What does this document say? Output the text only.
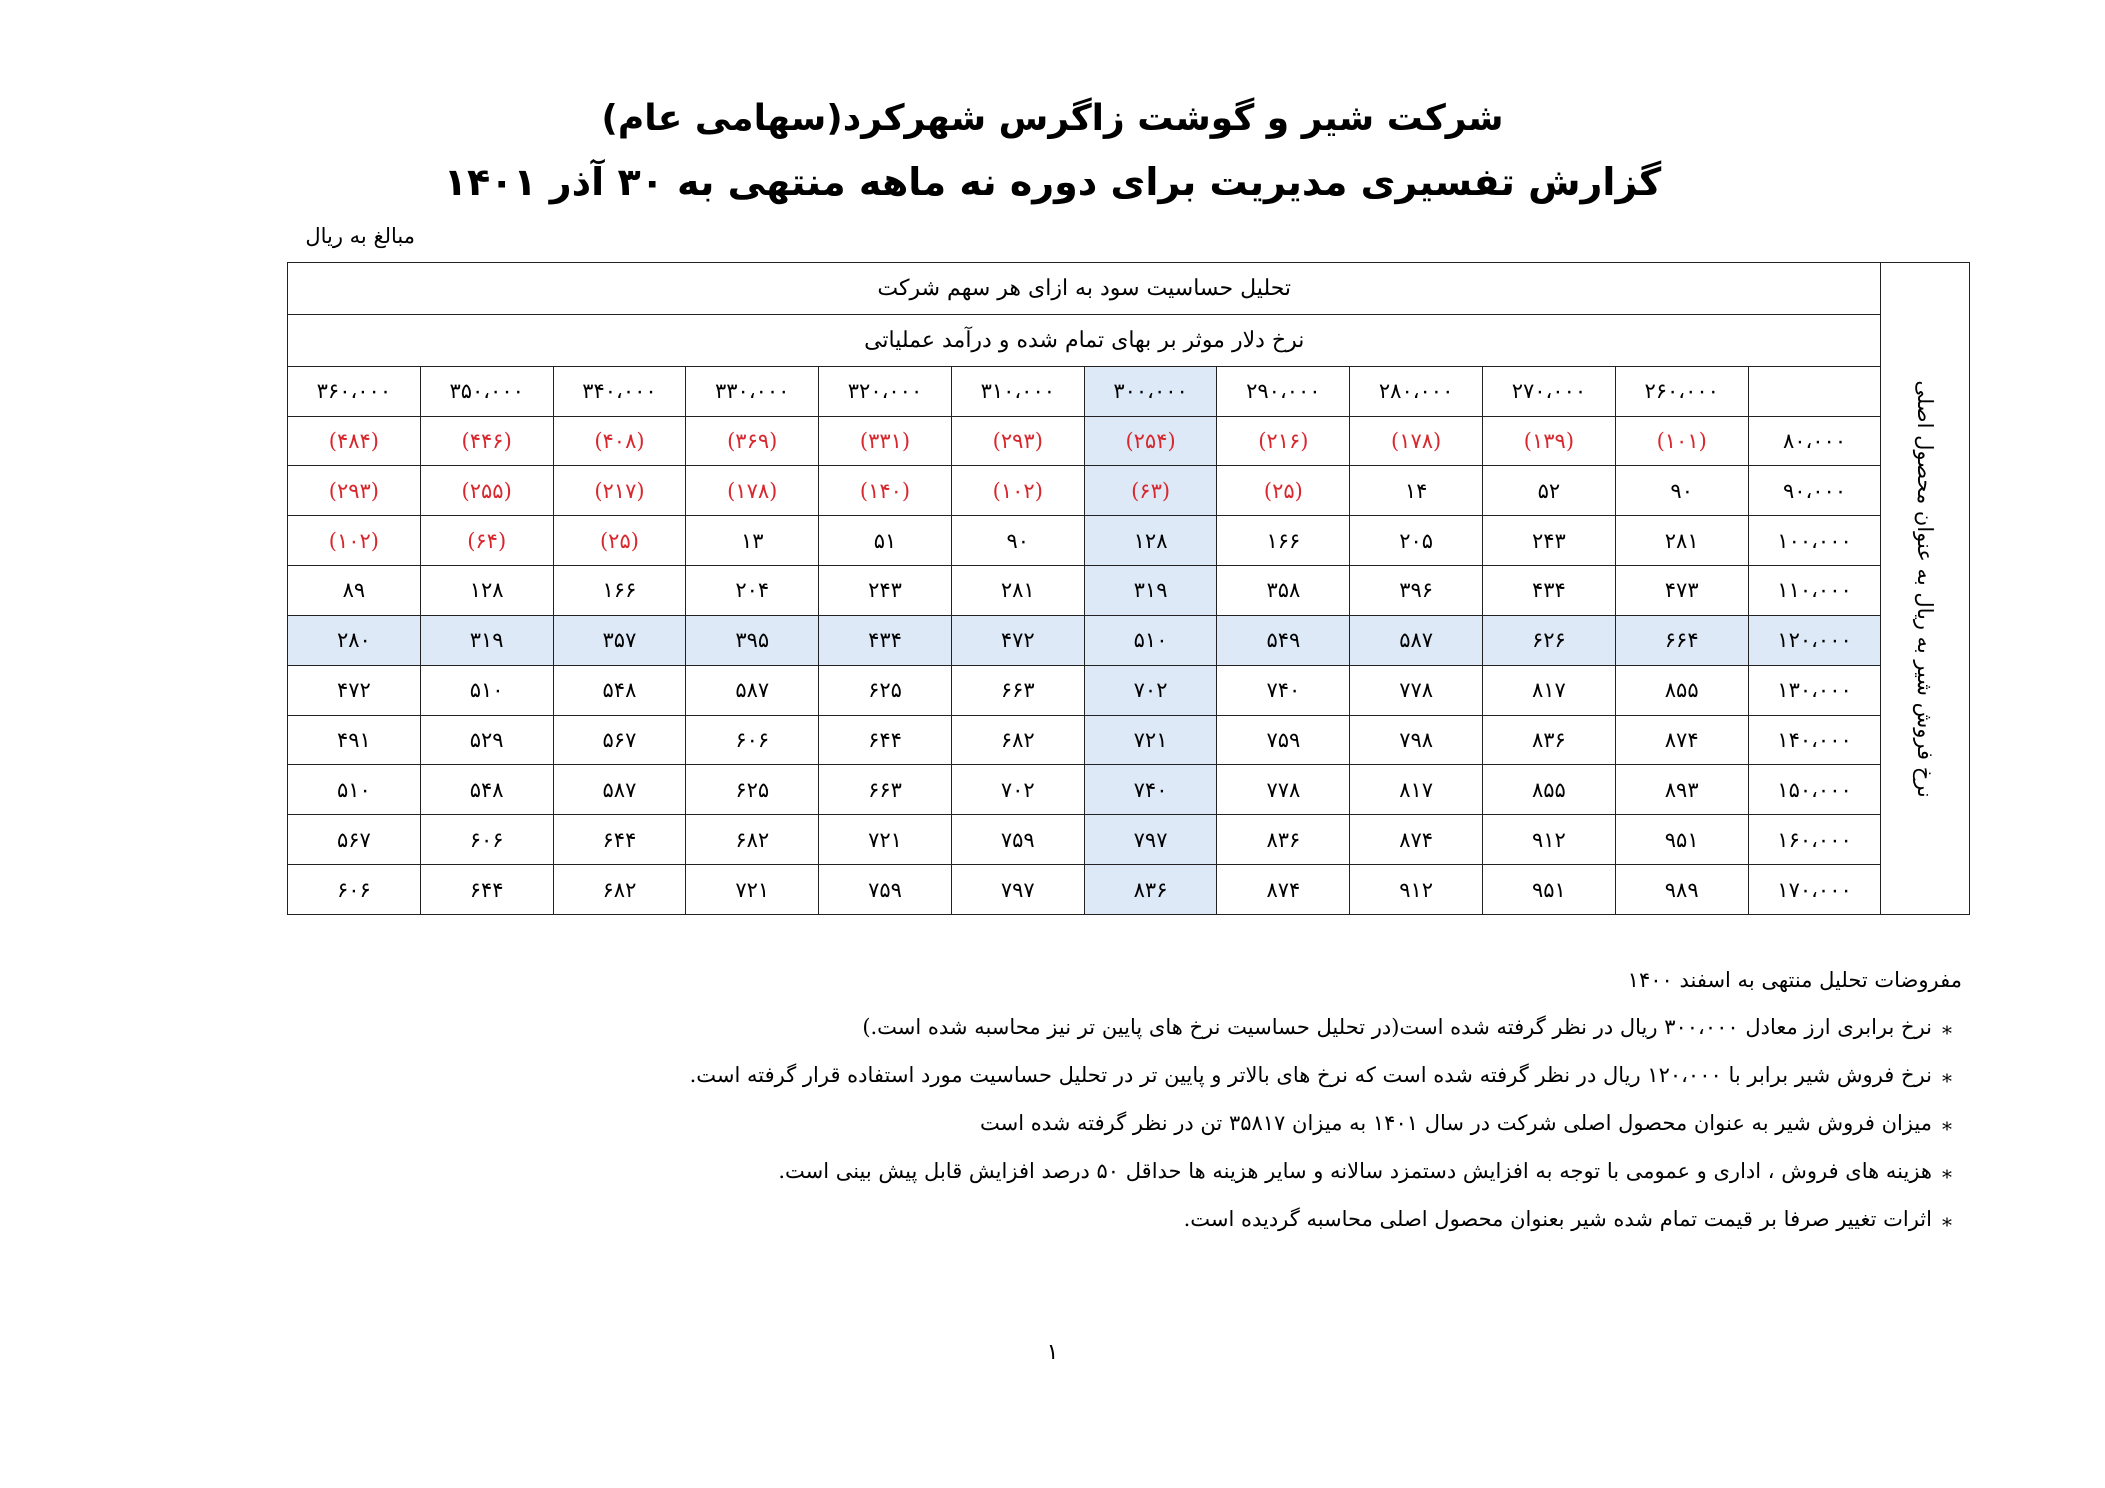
شرکت شیر و گوشت زاگرس شهرکرد(سهامی عام)
گزارش تفسیری مدیریت برای دوره نه ماهه منتهی به ۳۰ آذر ۱۴۰۱
مبالغ به ریال
تحلیل حساسیت سود به ازای هر سهم شرکت												نرخ فروش شیر به ریال به عنوان محصول اصلی

نرخ دلار موثر بر بهای تمام شده و درآمد عملیاتی												
۳۶۰،۰۰۰	۳۵۰،۰۰۰	۳۴۰،۰۰۰	۳۳۰،۰۰۰	۳۲۰،۰۰۰	۳۱۰،۰۰۰	۳۰۰،۰۰۰	۲۹۰،۰۰۰	۲۸۰،۰۰۰	۲۷۰،۰۰۰	۲۶۰،۰۰۰		
(۴۸۴)	(۴۴۶)	(۴۰۸)	(۳۶۹)	(۳۳۱)	(۲۹۳)	(۲۵۴)	(۲۱۶)	(۱۷۸)	(۱۳۹)	(۱۰۱)	۸۰،۰۰۰	
(۲۹۳)	(۲۵۵)	(۲۱۷)	(۱۷۸)	(۱۴۰)	(۱۰۲)	(۶۳)	(۲۵)	۱۴	۵۲	۹۰	۹۰،۰۰۰	
(۱۰۲)	(۶۴)	(۲۵)	۱۳	۵۱	۹۰	۱۲۸	۱۶۶	۲۰۵	۲۴۳	۲۸۱	۱۰۰،۰۰۰	
۸۹	۱۲۸	۱۶۶	۲۰۴	۲۴۳	۲۸۱	۳۱۹	۳۵۸	۳۹۶	۴۳۴	۴۷۳	۱۱۰،۰۰۰	
۲۸۰	۳۱۹	۳۵۷	۳۹۵	۴۳۴	۴۷۲	۵۱۰	۵۴۹	۵۸۷	۶۲۶	۶۶۴	۱۲۰،۰۰۰	
۴۷۲	۵۱۰	۵۴۸	۵۸۷	۶۲۵	۶۶۳	۷۰۲	۷۴۰	۷۷۸	۸۱۷	۸۵۵	۱۳۰،۰۰۰	
۴۹۱	۵۲۹	۵۶۷	۶۰۶	۶۴۴	۶۸۲	۷۲۱	۷۵۹	۷۹۸	۸۳۶	۸۷۴	۱۴۰،۰۰۰	
۵۱۰	۵۴۸	۵۸۷	۶۲۵	۶۶۳	۷۰۲	۷۴۰	۷۷۸	۸۱۷	۸۵۵	۸۹۳	۱۵۰،۰۰۰	
۵۶۷	۶۰۶	۶۴۴	۶۸۲	۷۲۱	۷۵۹	۷۹۷	۸۳۶	۸۷۴	۹۱۲	۹۵۱	۱۶۰،۰۰۰	
۶۰۶	۶۴۴	۶۸۲	۷۲۱	۷۵۹	۷۹۷	۸۳۶	۸۷۴	۹۱۲	۹۵۱	۹۸۹	۱۷۰،۰۰۰	
مفروضات تحلیل منتهی به اسفند ۱۴۰۰
*نرخ برابری ارز معادل ۳۰۰،۰۰۰ ریال در نظر گرفته شده است(در تحلیل حساسیت نرخ های پایین تر نیز محاسبه شده است.)
*نرخ فروش شیر برابر با ۱۲۰،۰۰۰ ریال در نظر گرفته شده است که نرخ های بالاتر و پایین تر در تحلیل حساسیت مورد استفاده قرار گرفته است.
*میزان فروش شیر به عنوان محصول اصلی شرکت در سال ۱۴۰۱ به میزان ۳۵۸۱۷ تن در نظر گرفته شده است
*هزینه های فروش ، اداری و عمومی با توجه به افزایش دستمزد سالانه و سایر هزینه ها حداقل ۵۰ درصد افزایش قابل پیش بینی است.
*اثرات تغییر صرفا بر قیمت تمام شده شیر بعنوان محصول اصلی محاسبه گردیده است.
۱
